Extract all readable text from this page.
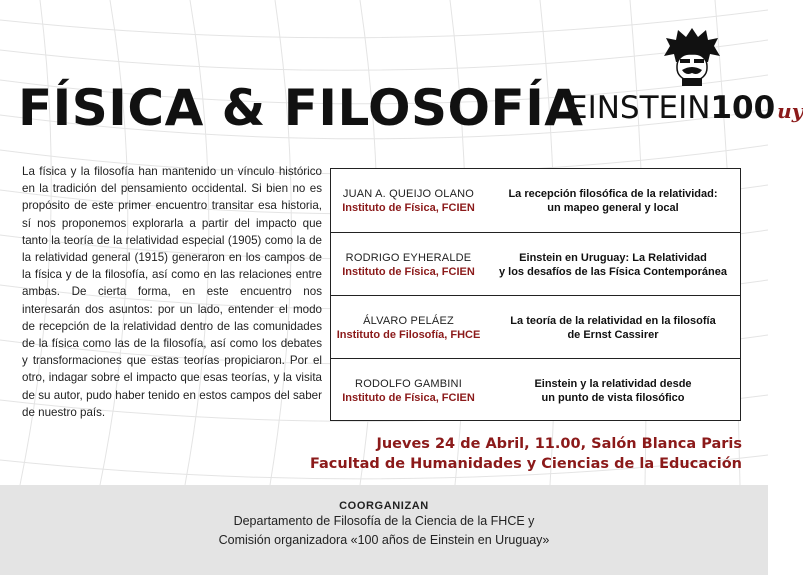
FÍSICA & FILOSOFÍA
EINSTEIN100 uy

La física y la filosofía han mantenido un vínculo histórico en la tradición del pensamiento occidental. Si bien no es propósito de este primer encuentro transitar esa historia, sí nos proponemos explorarla a partir del impacto que tanto la teoría de la relatividad especial (1905) como la de la relatividad general (1915) generaron en los campos de la física y de la filosofía, así como en las relaciones entre ambas. De cierta forma, en este encuentro nos interesarán dos asuntos: por un lado, entender el modo de recepción de la relatividad dentro de las comunidades de la física como las de la filosofía, así como los debates y transformaciones que estas teorías propiciaron. Por el otro, indagar sobre el impacto que esas teorías, y la visita de su autor, pudo haber tenido en estos campos del saber de nuestro país.

JUAN A. QUEIJO OLANO
Instituto de Física, FCIEN
La recepción filosófica de la relatividad:
un mapeo general y local
RODRIGO EYHERALDE
Instituto de Física, FCIEN
Einstein en Uruguay: La Relatividad
y los desafíos de las Física Contemporánea
ÁLVARO PELÁEZ
Instituto de Filosofía, FHCE
La teoría de la relatividad en la filosofía
de Ernst Cassirer
RODOLFO GAMBINI
Instituto de Física, FCIEN
Einstein y la relatividad desde
un punto de vista filosófico

Jueves 24 de Abril, 11.00, Salón Blanca Paris

Facultad de Humanidades y Ciencias de la Educación

COORGANIZAN
Departamento de Filosofía de la Ciencia de la FHCE y
Comisión organizadora «100 años de Einstein en Uruguay»
